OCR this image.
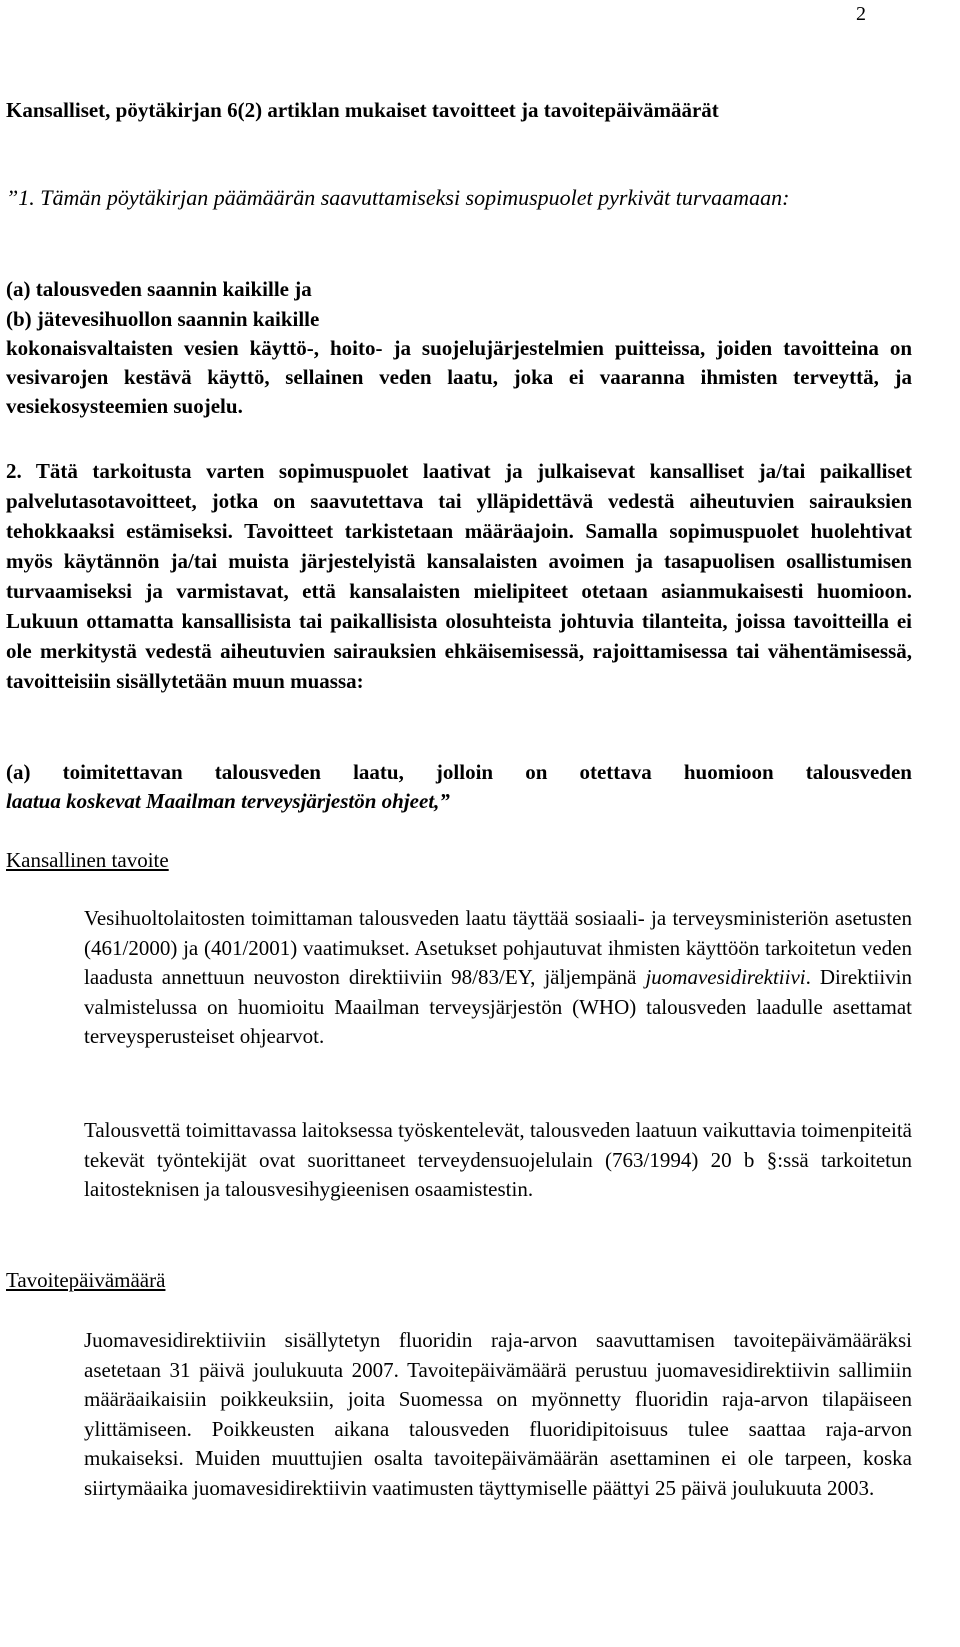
2
Kansalliset, pöytäkirjan 6(2) artiklan mukaiset tavoitteet ja tavoitepäivämäärät

”1. Tämän pöytäkirjan päämäärän saavuttamiseksi sopimuspuolet pyrkivät turvaamaan:

(a) talousveden saannin kaikille ja

(b) jätevesihuollon saannin kaikille

kokonaisvaltaisten vesien käyttö-, hoito- ja suojelujärjestelmien puitteissa, joiden tavoitteina on vesivarojen kestävä käyttö, sellainen veden laatu, joka ei vaaranna ihmisten terveyttä, ja vesiekosysteemien suojelu.

2. Tätä tarkoitusta varten sopimuspuolet laativat ja julkaisevat kansalliset ja/tai paikalliset palvelutasotavoitteet, jotka on saavutettava tai ylläpidettävä vedestä aiheutuvien sairauksien tehokkaaksi estämiseksi. Tavoitteet tarkistetaan määräajoin. Samalla sopimuspuolet huolehtivat myös käytännön ja/tai muista järjestelyistä kansalaisten avoimen ja tasapuolisen osallistumisen turvaamiseksi ja varmistavat, että kansalaisten mielipiteet otetaan asianmukaisesti huomioon. Lukuun ottamatta kansallisista tai paikallisista olosuhteista johtuvia tilanteita, joissa tavoitteilla ei ole merkitystä vedestä aiheutuvien sairauksien ehkäisemisessä, rajoittamisessa tai vähentämisessä, tavoitteisiin sisällytetään muun muassa:

(a) toimitettavan talousveden laatu, jolloin on otettava huomioon talousveden

laatua koskevat Maailman terveysjärjestön ohjeet,”

Kansallinen tavoite

Vesihuoltolaitosten toimittaman talousveden laatu täyttää sosiaali- ja terveysministeriön asetusten (461/2000) ja (401/2001) vaatimukset. Asetukset pohjautuvat ihmisten käyttöön tarkoitetun veden laadusta annettuun neuvoston direktiiviin 98/83/EY, jäljempänä juomavesidirektiivi. Direktiivin valmistelussa on huomioitu Maailman terveysjärjestön (WHO) talousveden laadulle asettamat terveysperusteiset ohjearvot.

Talousvettä toimittavassa laitoksessa työskentelevät, talousveden laatuun vaikuttavia toimenpiteitä tekevät työntekijät ovat suorittaneet terveydensuojelulain (763/1994) 20 b §:ssä tarkoitetun laitosteknisen ja talousvesihygieenisen osaamistestin.

Tavoitepäivämäärä

Juomavesidirektiiviin sisällytetyn fluoridin raja-arvon saavuttamisen tavoitepäivämääräksi asetetaan 31 päivä joulukuuta 2007. Tavoitepäivämäärä perustuu juomavesidirektiivin sallimiin määräaikaisiin poikkeuksiin, joita Suomessa on myönnetty fluoridin raja-arvon tilapäiseen ylittämiseen. Poikkeusten aikana talousveden fluoridipitoisuus tulee saattaa raja-arvon mukaiseksi. Muiden muuttujien osalta tavoitepäivämäärän asettaminen ei ole tarpeen, koska siirtymäaika juomavesidirektiivin vaatimusten täyttymiselle päättyi 25 päivä joulukuuta 2003.
